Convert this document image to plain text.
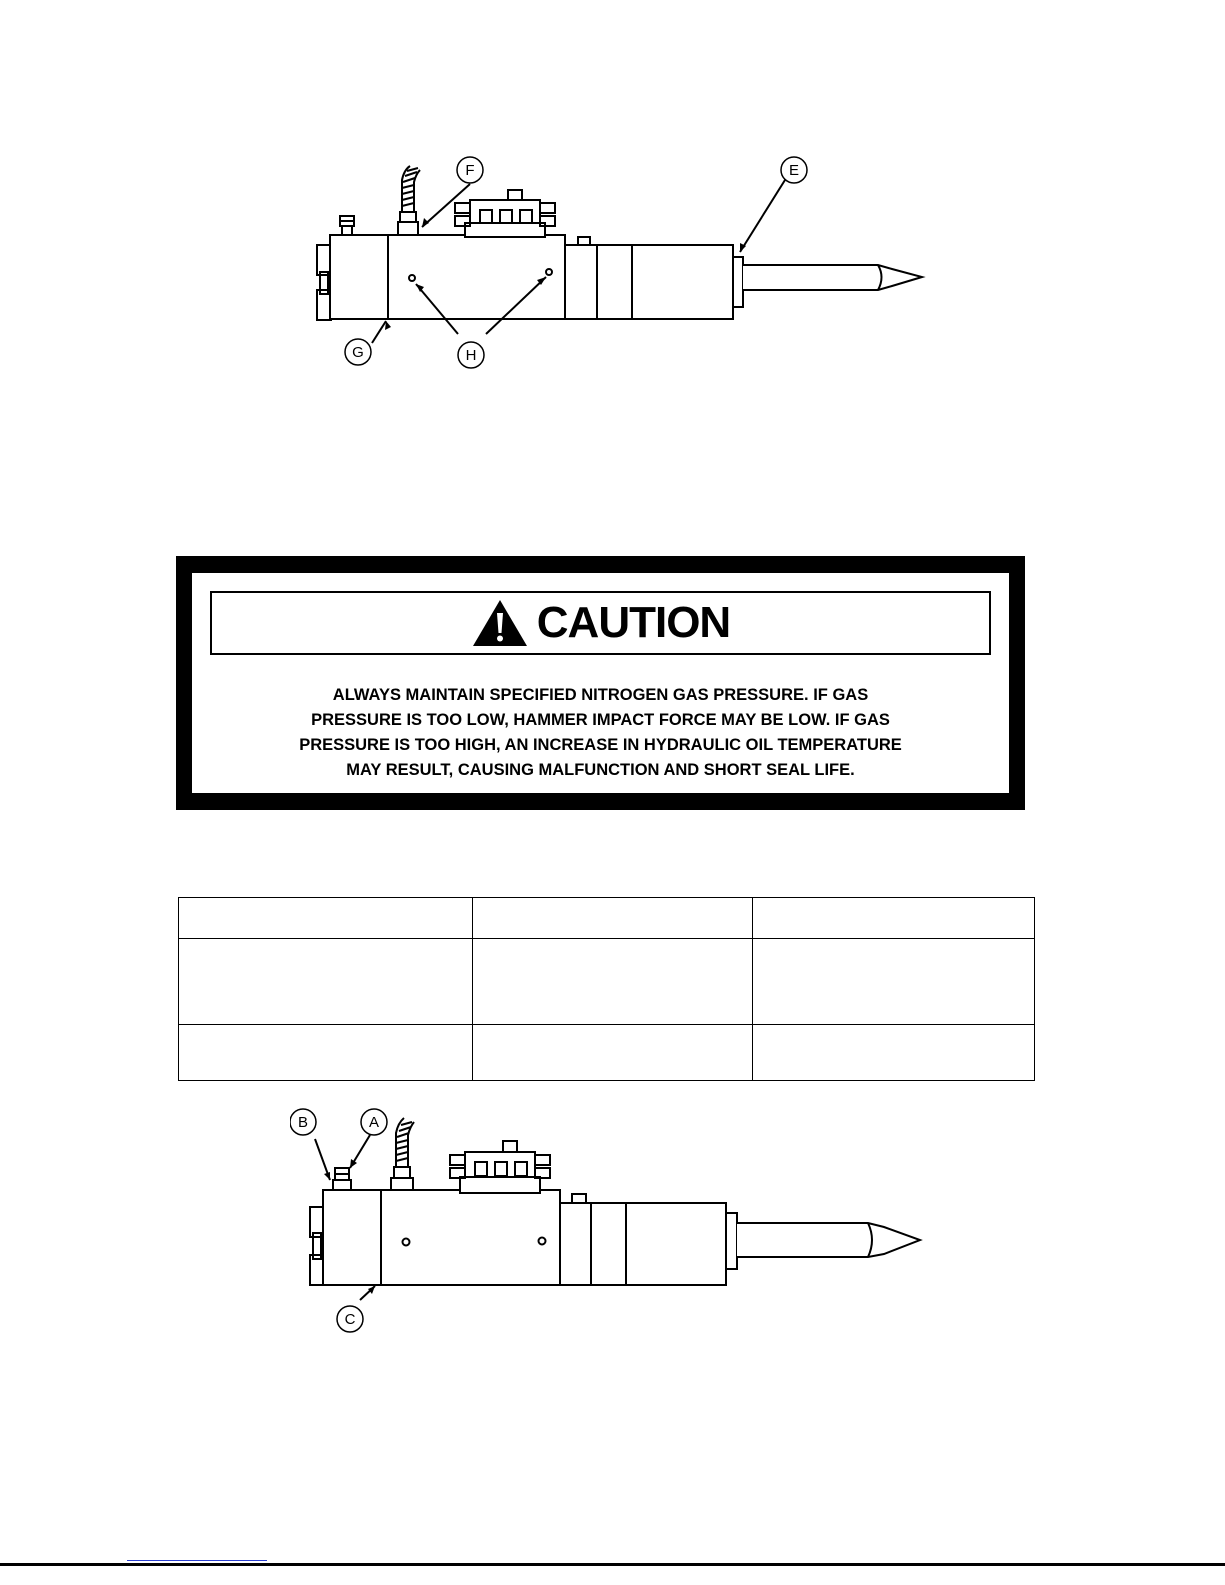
F	E
G	H
CAUTION
ALWAYS MAINTAIN SPECIFIED NITROGEN GAS PRESSURE. IF GAS
PRESSURE IS TOO LOW, HAMMER IMPACT FORCE MAY BE LOW. IF GAS
PRESSURE IS TOO HIGH, AN INCREASE IN HYDRAULIC OIL TEMPERATURE
MAY RESULT, CAUSING MALFUNCTION AND SHORT SEAL LIFE.

B	A
C
